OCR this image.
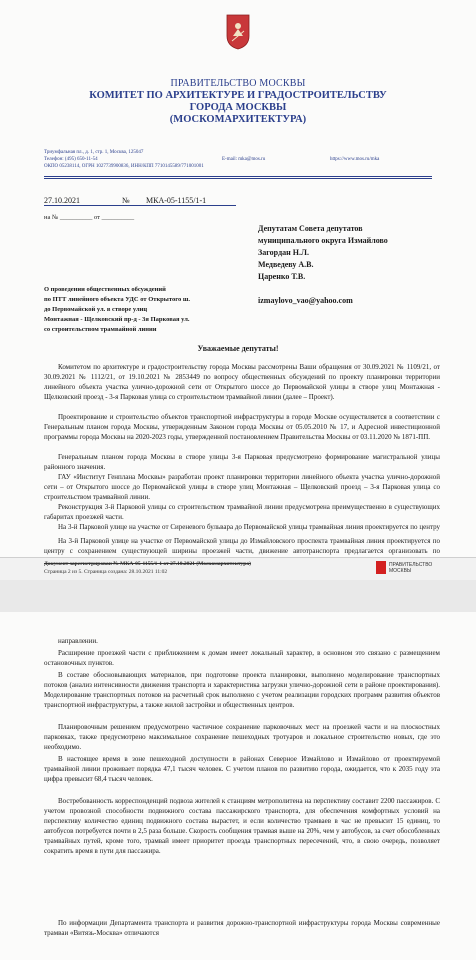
ПРАВИТЕЛЬСТВО МОСКВЫ
КОМИТЕТ ПО АРХИТЕКТУРЕ И ГРАДОСТРОИТЕЛЬСТВУ
ГОРОДА МОСКВЫ
(МОСКОМАРХИТЕКТУРА)
Триумфальная пл., д. 1, стр. 1, Москва, 125047
Телефон: (495) 650-11-54	E-mail: mka@mos.ru	https://www.mos.ru/mka
ОКПО 05238114, ОГРН 1027739900836, ИНН/КПП 7710145589/771001001
27.10.2021	№ МКА-05-1155/1-1
на № __________ от __________
Депутатам Совета депутатов
муниципального округа Измайлово
Загоpдан Н.Л.
Медведеву А.В.
Царенко Т.В.
izmaylovo_vao@yahoo.com
О проведении общественных обсуждений
по ПТТ линейного объекта УДС от Открытого ш.
до Первомайской ул. в створе улиц
Монтажная - Щелковский пр-д - 3я Парковая ул.
со строительством трамвайной линии
Уважаемые депутаты!
Комитетом по архитектуре и градостроительству города Москвы рассмотрены Ваши обращения от 30.09.2021 № 1109/21, от 30.09.2021 № 1112/21, от 19.10.2021 № 2853449 по вопросу общественных обсуждений по проекту планировки территории линейного объекта участка улично-дорожной сети от Открытого шоссе до Первомайской улицы в створе улиц Монтажная - Щелковский проезд - 3-я Парковая улица со строительством трамвайной линии (далее – Проект).
Проектирование и строительство объектов транспортной инфраструктуры в городе Москве осуществляется в соответствии с Генеральным планом города Москвы, утвержденным Законом города Москвы от 05.05.2010 № 17, и Адресной инвестиционной программы города Москвы на 2020-2023 годы, утвержденной постановлением Правительства Москвы от 03.11.2020 № 1871-ПП.
Генеральным планом города Москвы в створе улицы 3-я Парковая предусмотрено формирование магистральной улицы районного значения.
ГАУ «Институт Генплана Москвы» разработан проект планировки территории линейного объекта участка улично-дорожной сети – от Открытого шоссе до Первомайской улицы в створе улиц Монтажная – Щелковский проезд – 3-я Парковая улица со строительством трамвайной линии.
Реконструкция 3-й Парковой улицы со строительством трамвайной линии предусмотрена преимущественно в существующих габаритах проезжей части.
На 3-й Парковой улице на участке от Сиреневого бульвара до Первомайской улицы трамвайная линия проектируется по центру
На 3-й Парковой улице на участке от Первомайской улицы до Измайловского проспекта трамвайная линия проектируется по центру с сохранением существующей ширины проезжей части, движение автотранспорта предлагается организовать по
Документ зарегистрирован № МКА-05-1155/1-1 от 27.10.2021 (Москомархитектура)
Страница 2 из 5. Страница создана: 28.10.2021 11:02
ПРАВИТЕЛЬСТВО
МОСКВЫ
направлении.
Расширение проезжей части с приближением к домам имеет локальный характер, в основном это связано с размещением остановочных пунктов.
В составе обосновывающих материалов, при подготовке проекта планировки, выполнено моделирование транспортных потоков (анализ интенсивности движения транспорта и характеристика загрузки улично-дорожной сети в районе проектирования). Моделирование транспортных потоков на расчетный срок выполнено с учетом реализации городских программ развития объектов транспортной инфраструктуры, а также жилой застройки и общественных центров.
Планировочным решением предусмотрено частичное сохранение парковочных мест на проезжей части и на плоскостных парковках, также предусмотрено максимальное сохранение пешеходных тротуаров и локальное строительство новых, где это необходимо.
В настоящее время в зоне пешеходной доступности в районах Северное Измайлово и Измайлово от проектируемой трамвайной линии проживает порядка 47,1 тысяч человек. С учетом планов по развитию города, ожидается, что к 2035 году эта цифра превысит 68,4 тысяч человек.
Востребованность корреспонденций подвоза жителей к станциям метрополитена на перспективу составит 2200 пассажиров. С учетом провозной способности подвижного состава пассажирского транспорта, для обеспечения комфортных условий на перспективу количество единиц подвижного состава вырастет, и если количество трамваев в час не превысит 15 единиц, то автобусов потребуется почти в 2,5 раза больше. Скорость сообщения трамвая выше на 20%, чем у автобусов, за счет обособленных трамвайных путей, кроме того, трамвай имеет приоритет проезда транспортных пересечений, что, в свою очередь, позволяет сократить время в пути для пассажира.
По информации Департамента транспорта и развития дорожно-транспортной инфраструктуры города Москвы современные трамваи «Витязь-Москва» отличаются
